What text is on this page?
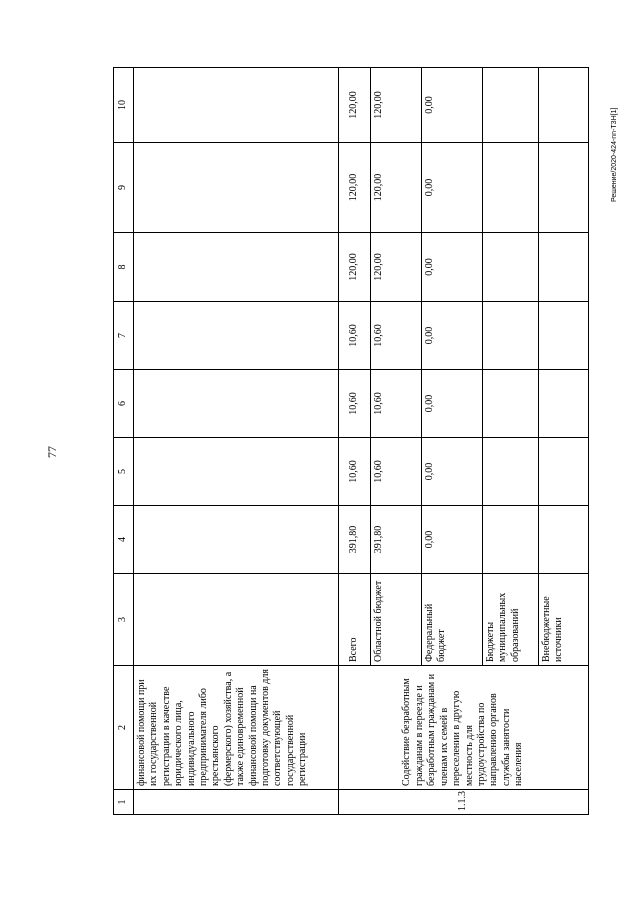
77
Решение/2020-424-nn-T3H[1]
1	2	3	4	5	6	7	8	9	10
	финансовой помощи при их государственной регистрации в качестве юридического лица, индивидуального предпринимателя либо крестьянского (фермерского) хозяйства, а также единовременной финансовой помощи на подготовку документов для соответствующей государственной регистрации								
1.1.3	Содействие безработным гражданам в переезде и безработным гражданам и членам их семей в переселении в другую местность для трудоустройства по направлению органов службы занятости населения	Всего	391,80	10,60	10,60	10,60	120,00	120,00	120,00
		Областной бюджет	391,80	10,60	10,60	10,60	120,00	120,00	120,00
		Федеральный бюджет	0,00	0,00	0,00	0,00	0,00	0,00	0,00
		Бюджеты муниципальных образований							
		Внебюджетные источники							
